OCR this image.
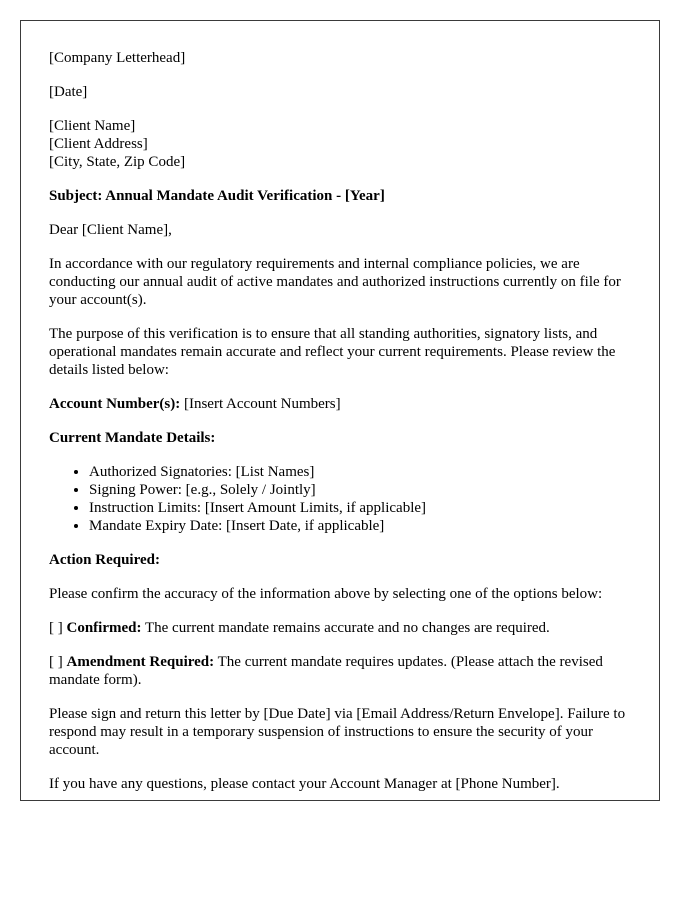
[Company Letterhead]

[Date]

[Client Name]
[Client Address]
[City, State, Zip Code]

Subject: Annual Mandate Audit Verification - [Year]

Dear [Client Name],

In accordance with our regulatory requirements and internal compliance policies, we are conducting our annual audit of active mandates and authorized instructions currently on file for your account(s).

The purpose of this verification is to ensure that all standing authorities, signatory lists, and operational mandates remain accurate and reflect your current requirements. Please review the details listed below:

Account Number(s): [Insert Account Numbers]

Current Mandate Details:

• Authorized Signatories: [List Names]
• Signing Power: [e.g., Solely / Jointly]
• Instruction Limits: [Insert Amount Limits, if applicable]
• Mandate Expiry Date: [Insert Date, if applicable]

Action Required:

Please confirm the accuracy of the information above by selecting one of the options below:

[ ] Confirmed: The current mandate remains accurate and no changes are required.

[ ] Amendment Required: The current mandate requires updates. (Please attach the revised mandate form).

Please sign and return this letter by [Due Date] via [Email Address/Return Envelope]. Failure to respond may result in a temporary suspension of instructions to ensure the security of your account.

If you have any questions, please contact your Account Manager at [Phone Number].
